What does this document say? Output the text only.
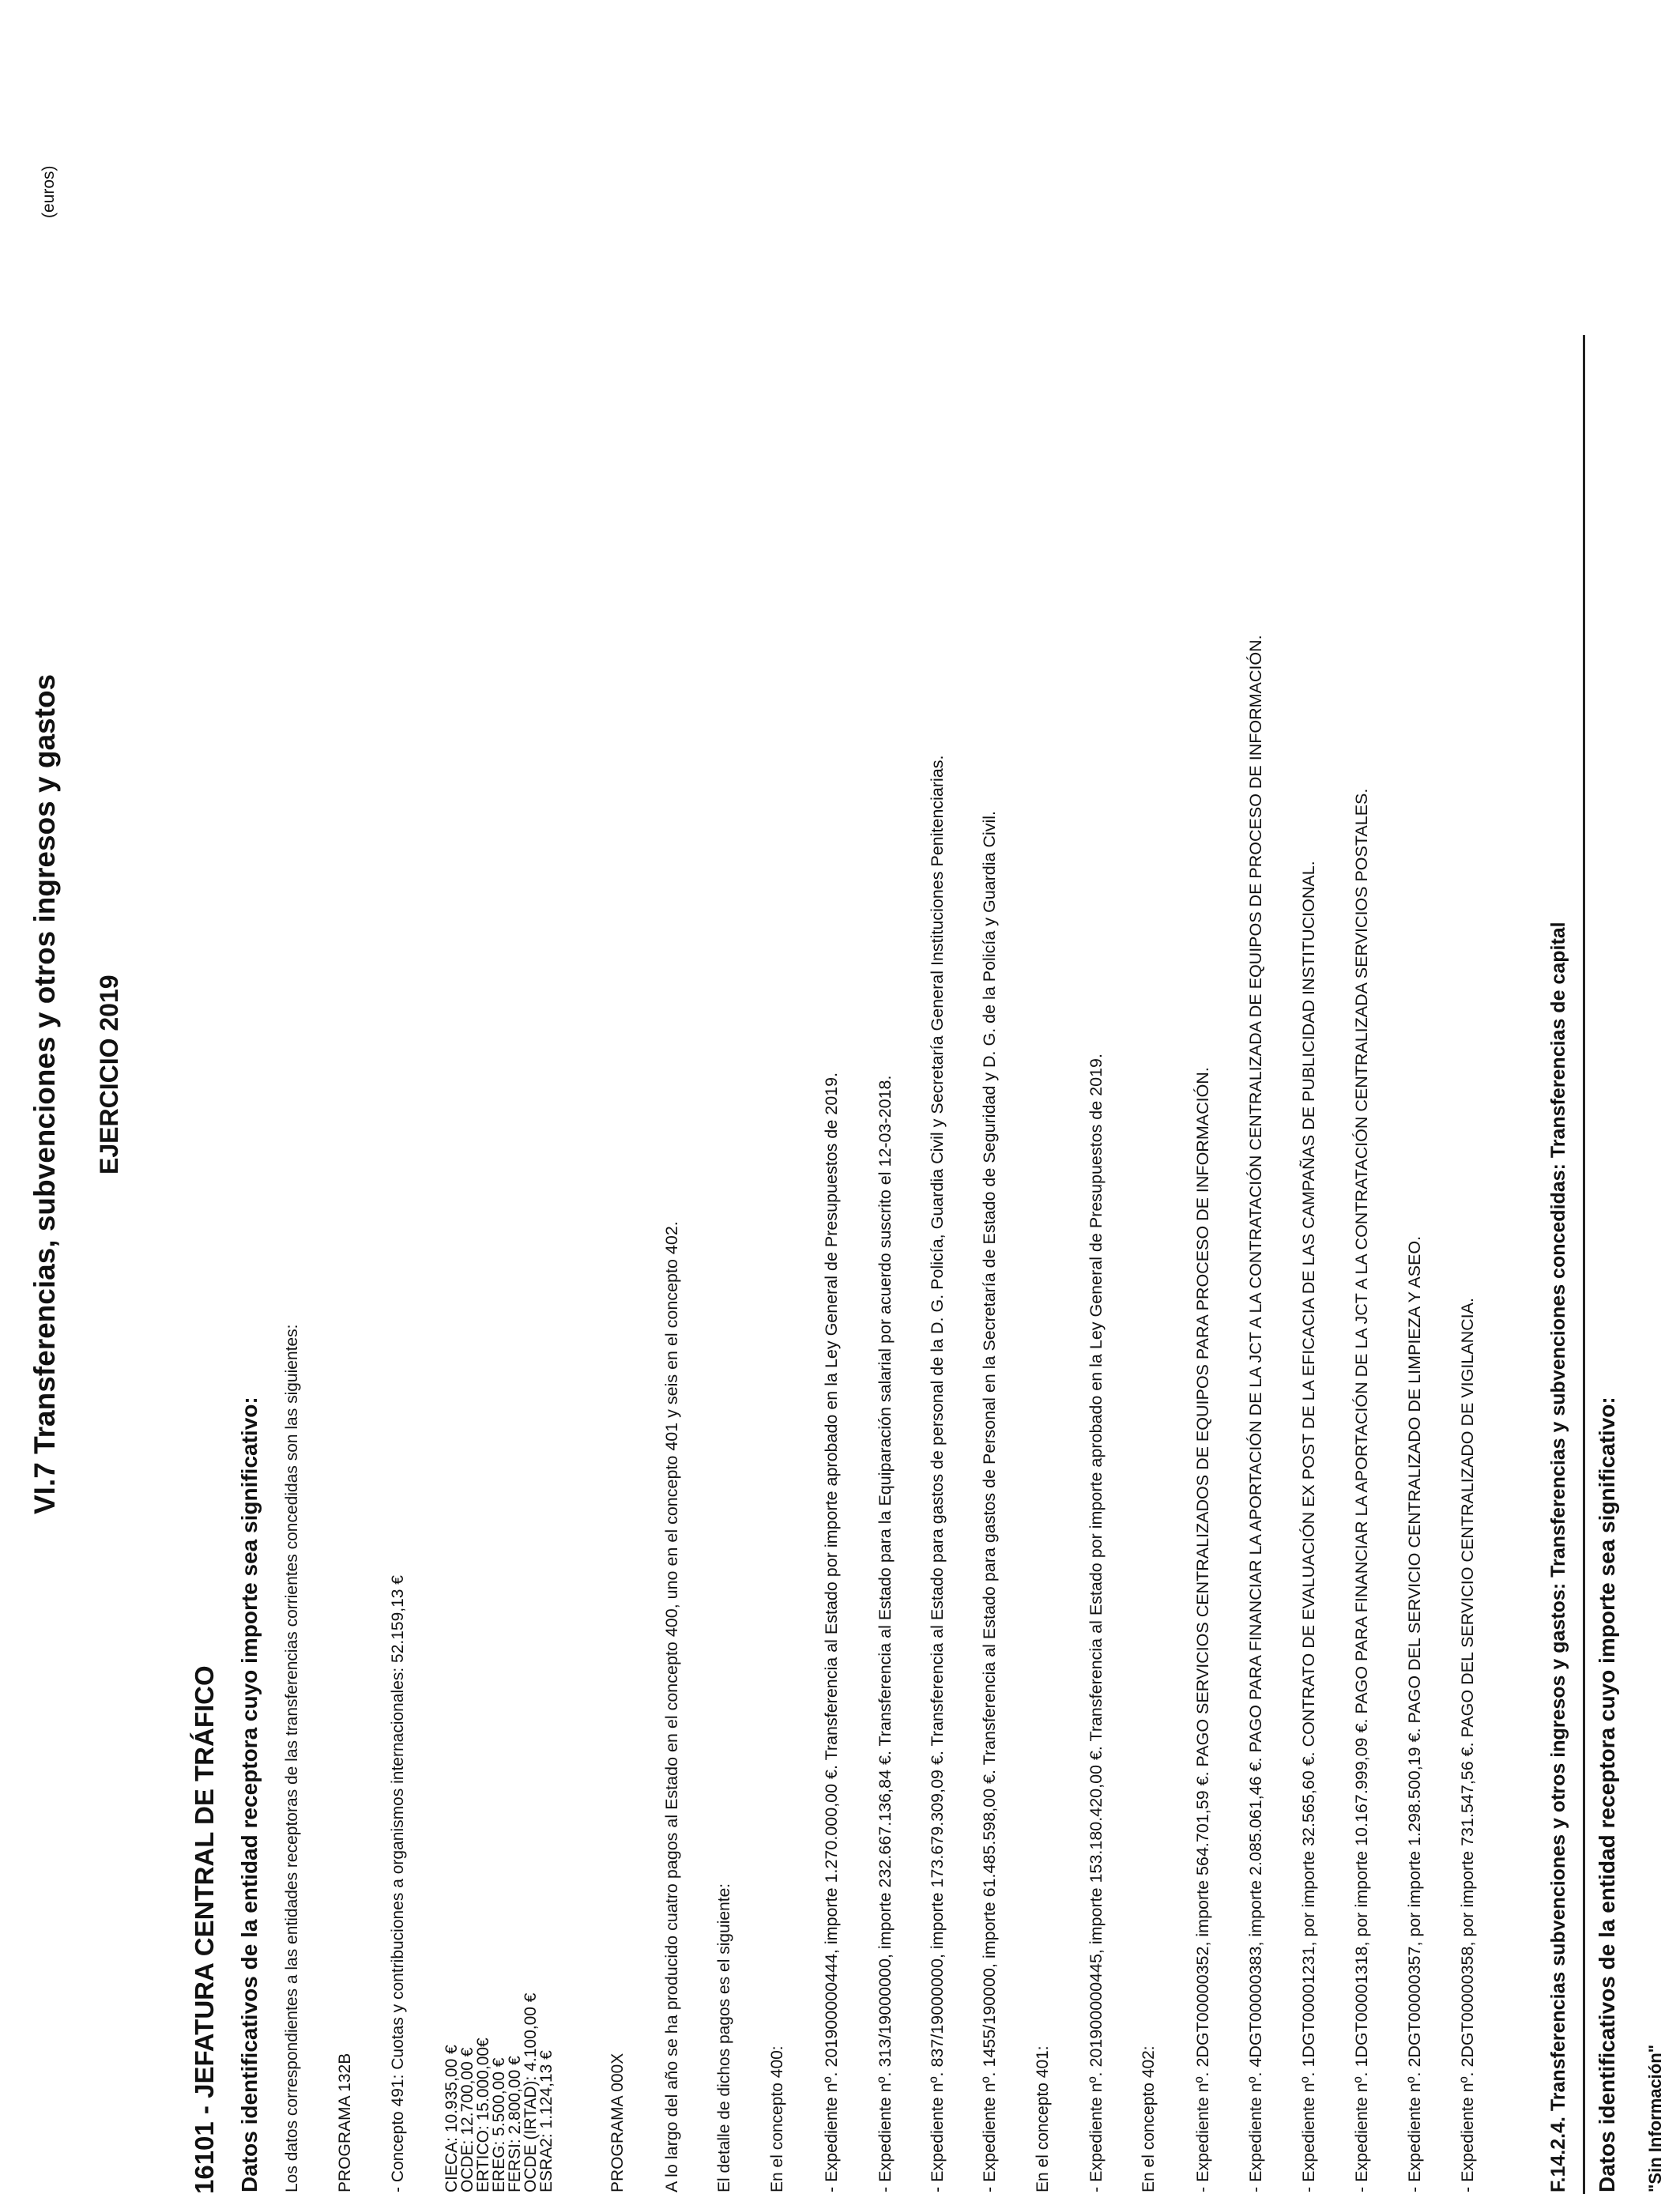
(euros)
VI.7 Transferencias, subvenciones y otros ingresos y gastos EJERCICIO 2019
16101 - JEFATURA CENTRAL DE TRÁFICO Datos identificativos de la entidad receptora cuyo importe sea significativo: Los datos correspondientes a las entidades receptoras de las transferencias corrientes concedidas son las siguientes: PROGRAMA 132B - Concepto 491: Cuotas y contribuciones a organismos internacionales: 52.159,13 € CIECA: 10.935,00 €
OCDE: 12.700,00 €
ERTICO: 15.000,00€
EREG: 5.500,00 €
FERSI: 2.800,00 €
OCDE (IRTAD): 4.100,00 €
ESRA2: 1.124,13 €	PROGRAMA 000X A lo largo del año se ha producido cuatro pagos al Estado en el concepto 400, uno en el concepto 401 y seis en el concepto 402. El detalle de dichos pagos es el siguiente: En el concepto 400: - Expediente nº. 201900000444, importe 1.270.000,00 €. Transferencia al Estado por importe aprobado en la Ley General de Presupuestos de 2019. - Expediente nº. 313/19000000, importe 232.667.136,84 €. Transferencia al Estado para la Equiparación salarial por acuerdo suscrito el 12-03-2018. - Expediente nº. 837/19000000, importe 173.679.309,09 €. Transferencia al Estado para gastos de personal de la D. G. Policía, Guardia Civil y Secretaría General Instituciones Penitenciarias. - Expediente nº. 1455/190000, importe 61.485.598,00 €. Transferencia al Estado para gastos de Personal en la Secretaría de Estado de Seguridad y D. G. de la Policía y Guardia Civil. En el concepto 401: - Expediente nº. 201900000445, importe 153.180.420,00 €. Transferencia al Estado por importe aprobado en la Ley General de Presupuestos de 2019. En el concepto 402: - Expediente nº. 2DGT00000352, importe 564.701,59 €. PAGO SERVICIOS CENTRALIZADOS DE EQUIPOS PARA PROCESO DE INFORMACIÓN. - Expediente nº. 4DGT00000383, importe 2.085.061,46 €. PAGO PARA FINANCIAR LA APORTACIÓN DE LA JCT A LA CONTRATACIÓN CENTRALIZADA DE EQUIPOS DE PROCESO DE INFORMACIÓN. - Expediente nº. 1DGT00001231, por importe 32.565,60 €. CONTRATO DE EVALUACIÓN EX POST DE LA EFICACIA DE LAS CAMPAÑAS DE PUBLICIDAD INSTITUCIONAL. - Expediente nº. 1DGT00001318, por importe 10.167.999,09 €. PAGO PARA FINANCIAR LA APORTACIÓN DE LA JCT A LA CONTRATACIÓN CENTRALIZADA SERVICIOS POSTALES. - Expediente nº. 2DGT00000357, por importe 1.298.500,19 €. PAGO DEL SERVICIO CENTRALIZADO DE LIMPIEZA Y ASEO. - Expediente nº. 2DGT00000358, por importe 731.547,56 €. PAGO DEL SERVICIO CENTRALIZADO DE VIGILANCIA.	F.14.2.4. Transferencias subvenciones y otros ingresos y gastos: Transferencias y subvenciones concedidas: Transferencias de capital Datos identificativos de la entidad receptora cuyo importe sea significativo: "Sin Información"
